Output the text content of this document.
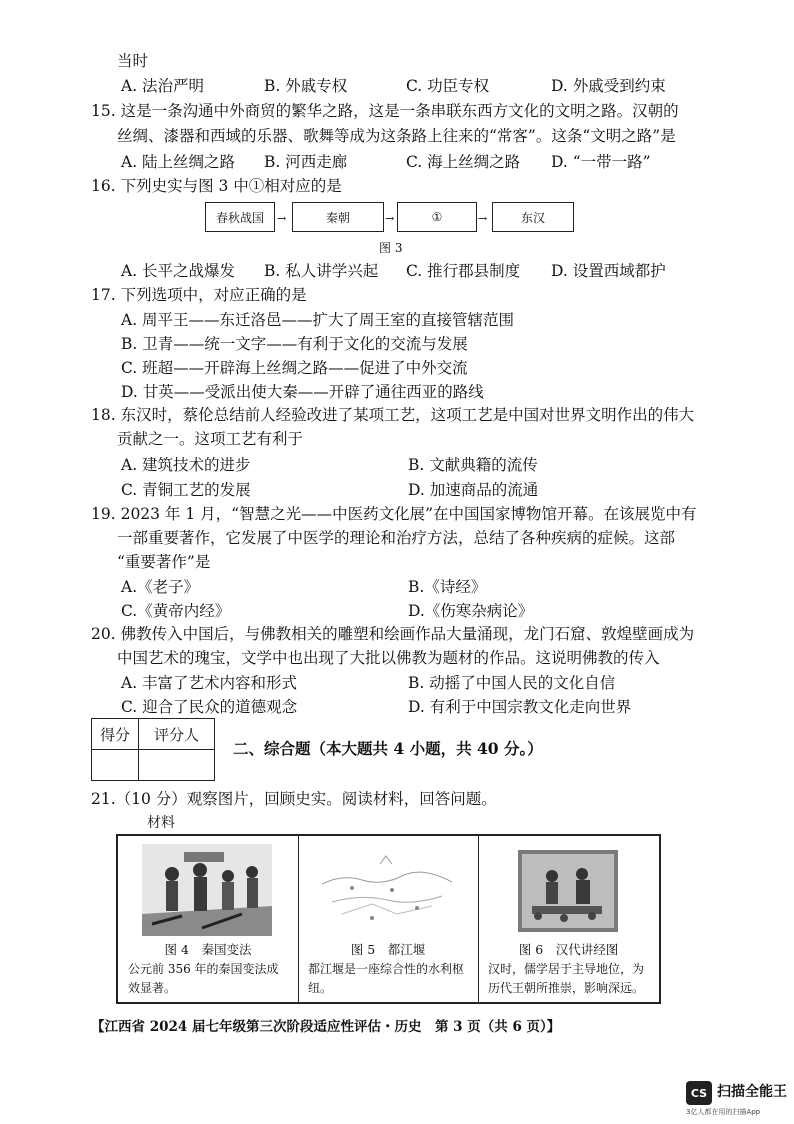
当时
A. 法治严明	B. 外戚专权	C. 功臣专权	D. 外戚受到约束
15. 这是一条沟通中外商贸的繁华之路，这是一条串联东西方文化的文明之路。汉朝的
丝绸、漆器和西域的乐器、歌舞等成为这条路上往来的“常客”。这条“文明之路”是
A. 陆上丝绸之路 B. 河西走廊	C. 海上丝绸之路 D. “一带一路”
16. 下列史实与图 3 中①相对应的是
春秋战国	→	秦朝	→	①	→	东汉
图 3
A. 长平之战爆发 B. 私人讲学兴起 C. 推行郡县制度 D. 设置西域都护
17. 下列选项中，对应正确的是
A. 周平王——东迁洛邑——扩大了周王室的直接管辖范围
B. 卫青——统一文字——有利于文化的交流与发展
C. 班超——开辟海上丝绸之路——促进了中外交流
D. 甘英——受派出使大秦——开辟了通往西亚的路线
18. 东汉时，蔡伦总结前人经验改进了某项工艺，这项工艺是中国对世界文明作出的伟大
贡献之一。这项工艺有利于
A. 建筑技术的进步	B. 文献典籍的流传
C. 青铜工艺的发展	D. 加速商品的流通
19. 2023 年 1 月，“智慧之光——中医药文化展”在中国国家博物馆开幕。在该展览中有
一部重要著作，它发展了中医学的理论和治疗方法，总结了各种疾病的症候。这部
“重要著作”是
A.《老子》	B.《诗经》
C.《黄帝内经》	D.《伤寒杂病论》
20. 佛教传入中国后，与佛教相关的雕塑和绘画作品大量涌现，龙门石窟、敦煌壁画成为
中国艺术的瑰宝，文学中也出现了大批以佛教为题材的作品。这说明佛教的传入
A. 丰富了艺术内容和形式	B. 动摇了中国人民的文化自信
C. 迎合了民众的道德观念	D. 有利于中国宗教文化走向世界
得分	评分人

二、综合题（本大题共 4 小题，共 40 分。）
21.（10 分）观察图片，回顾史实。阅读材料，回答问题。
材料
图 4　秦国变法
公元前 356 年的秦国变法成效显著。
图 5　都江堰
都江堰是一座综合性的水利枢纽。
图 6　汉代讲经图
汉时，儒学居于主导地位，为历代王朝所推崇，影响深远。
【江西省 2024 届七年级第三次阶段适应性评估・历史　第 3 页（共 6 页）】
CS 扫描全能王
3亿人都在用的扫描App
